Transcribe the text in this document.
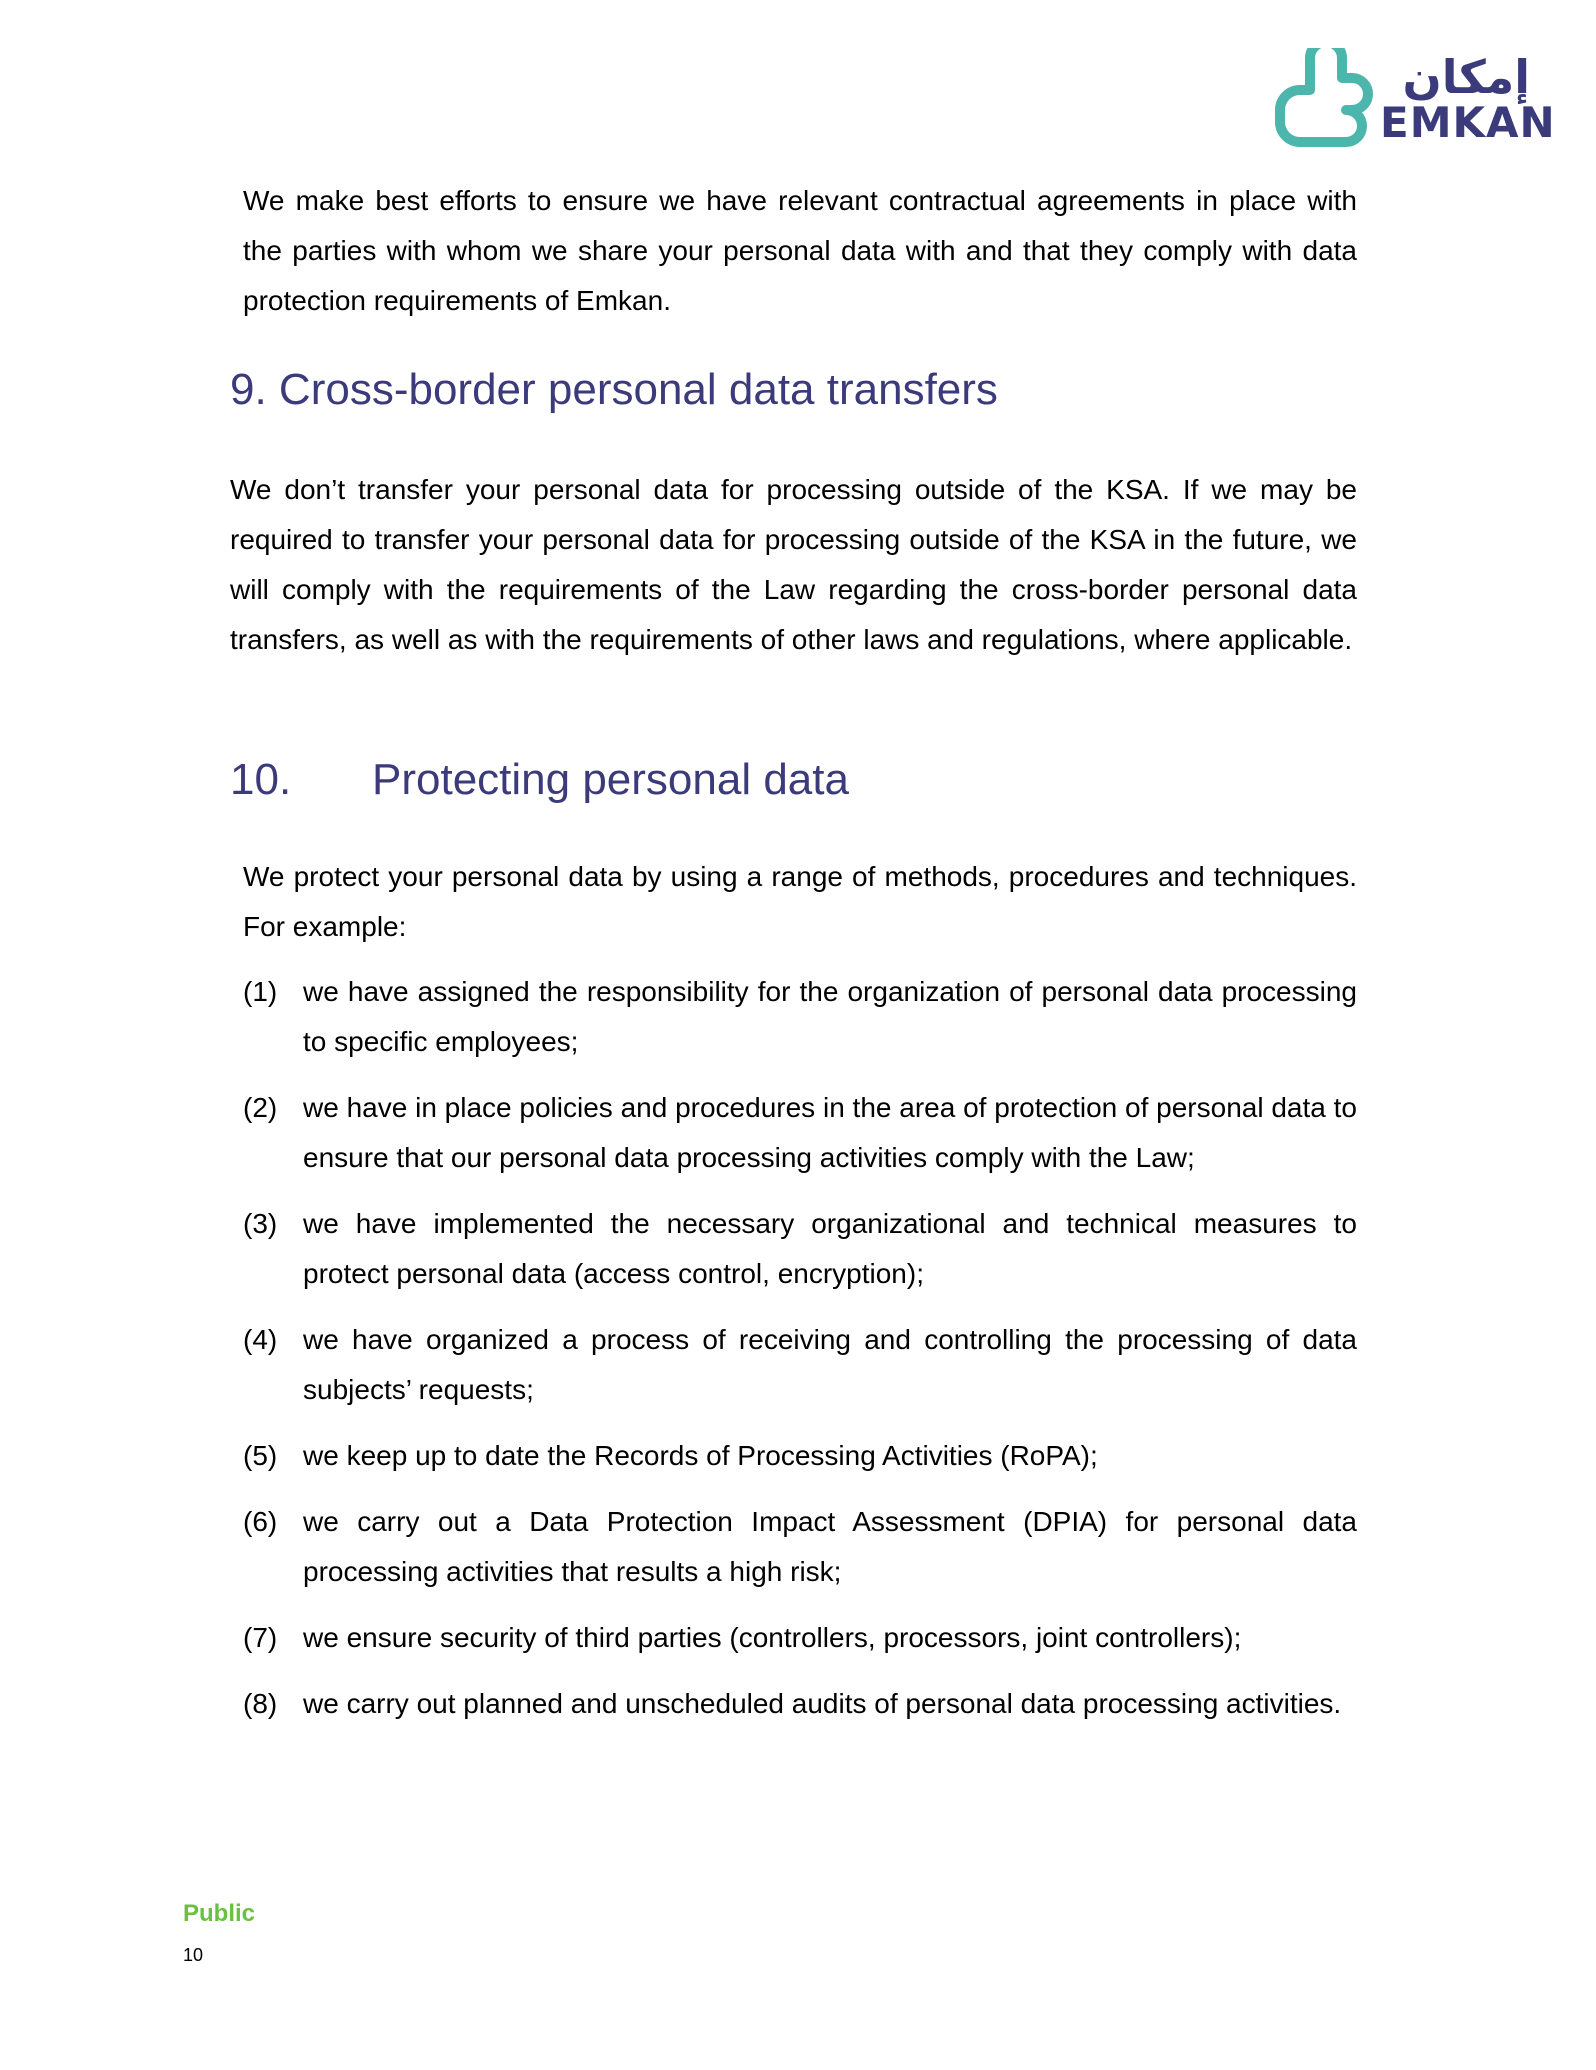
إمكان
EMKAN

We make best efforts to ensure we have relevant contractual agreements in place with the parties with whom we share your personal data with and that they comply with data protection requirements of Emkan.

9. Cross-border personal data transfers

We don’t transfer your personal data for processing outside of the KSA. If we may be required to transfer your personal data for processing outside of the KSA in the future, we will comply with the requirements of the Law regarding the cross-border personal data transfers, as well as with the requirements of other laws and regulations, where applicable.

10. Protecting personal data

We protect your personal data by using a range of methods, procedures and techniques. For example:

(1) we have assigned the responsibility for the organization of personal data processing to specific employees;

(2) we have in place policies and procedures in the area of protection of personal data to ensure that our personal data processing activities comply with the Law;

(3) we have implemented the necessary organizational and technical measures to protect personal data (access control, encryption);

(4) we have organized a process of receiving and controlling the processing of data subjects’ requests;

(5) we keep up to date the Records of Processing Activities (RoPA);

(6) we carry out a Data Protection Impact Assessment (DPIA) for personal data processing activities that results a high risk;

(7) we ensure security of third parties (controllers, processors, joint controllers);

(8) we carry out planned and unscheduled audits of personal data processing activities.

Public
10
